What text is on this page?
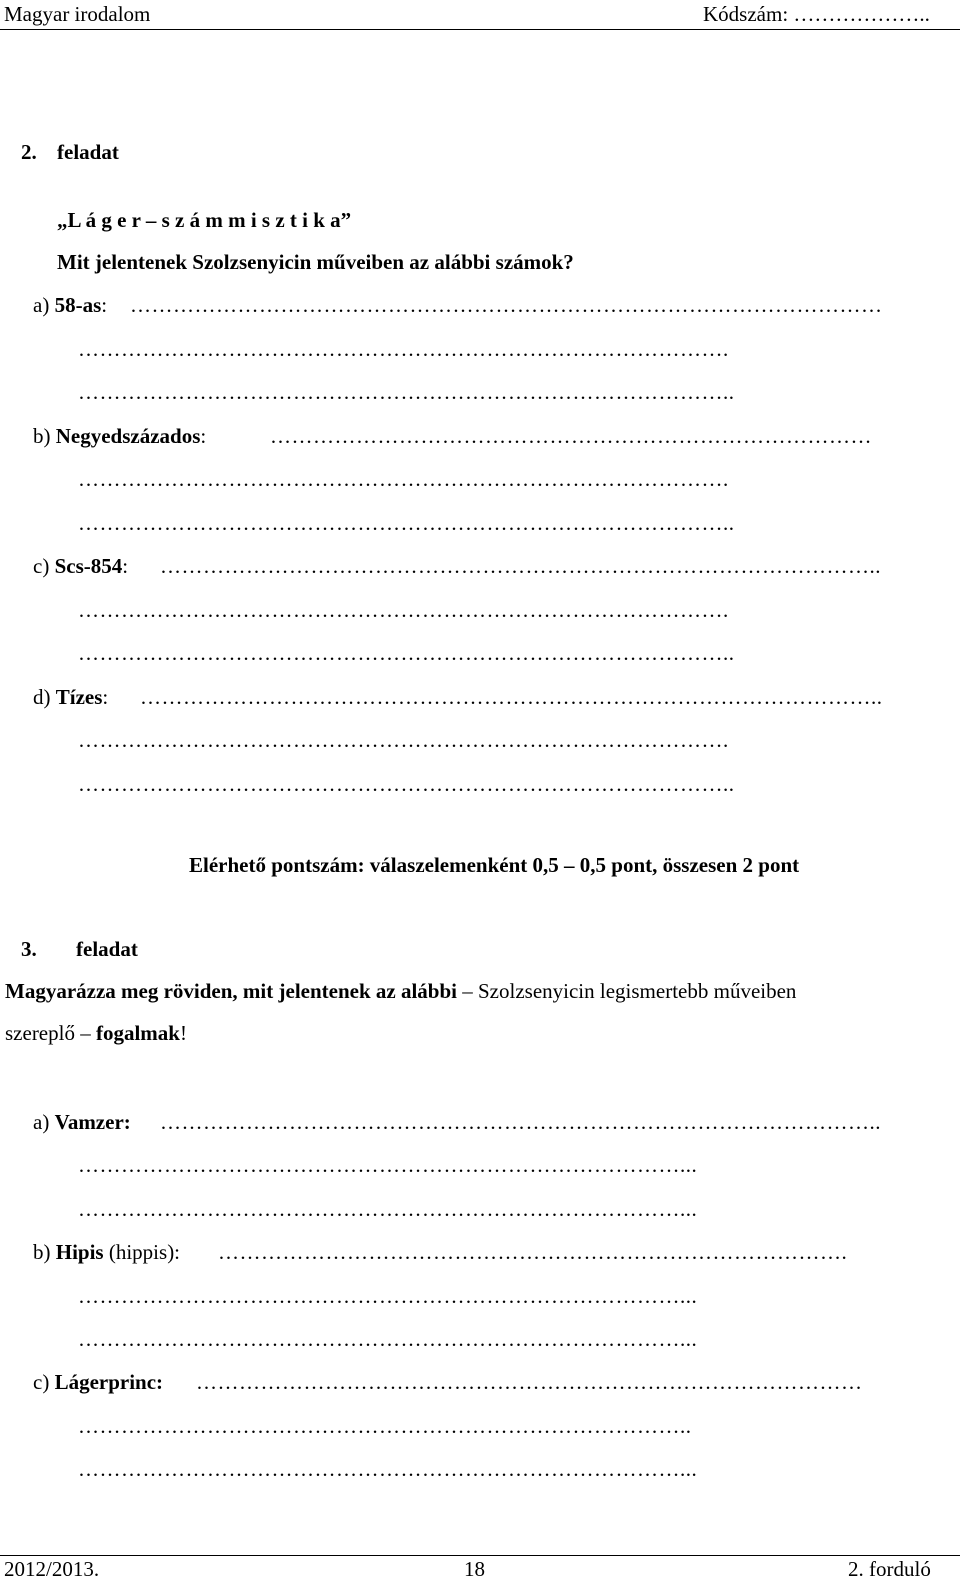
Magyar irodalom	Kódszám: ………………..
2. feladat
„L á g e r – s z á m m i s z t i k a”
Mit jelentenek Szolzsenyicin műveiben az alábbi számok?
a) 58-as: ……………………………………………………………………………………………
……………………………………………………………………………….
………………………………………………………………………………..
b) Negyedszázados:	…………………………………………………………………………
……………………………………………………………………………….
………………………………………………………………………………..
c) Scs-854: ………………………………………………………………………………………..
……………………………………………………………………………….
………………………………………………………………………………..
d) Tízes: …………………………………………………………………………………………..
……………………………………………………………………………….
………………………………………………………………………………..
Elérhető pontszám: válaszelemenként 0,5 – 0,5 pont, összesen 2 pont
3. feladat
Magyarázza meg röviden, mit jelentenek az alábbi – Szolzsenyicin legismertebb műveiben
szereplő – fogalmak!
a) Vamzer: ………………………………………………………………………………………..
…………………………………………………………………………...
…………………………………………………………………………...
b) Hipis (hippis): …………………………………………………………………………….
…………………………………………………………………………...
…………………………………………………………………………...
c) Lágerprinc: …………………………………………………………………………………
…………………………………………………………………………..
…………………………………………………………………………...
2012/2013.	18	2. forduló
